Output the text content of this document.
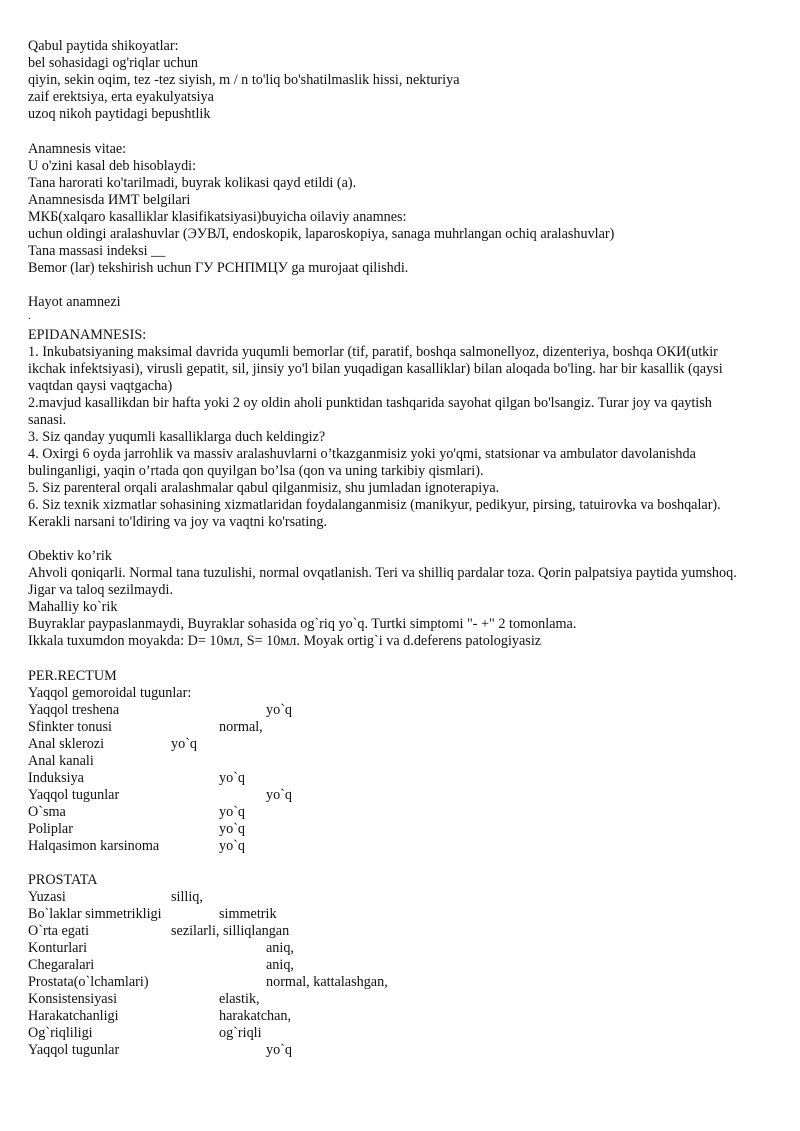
Qabul paytida shikoyatlar:
bel sohasidagi og'riqlar uchun
qiyin, sekin oqim, tez -tez siyish, m / n to'liq bo'shatilmaslik hissi, nekturiya
zaif erektsiya, erta eyakulyatsiya
uzoq nikoh paytidagi bepushtlik
Anamnesis vitae:
U o'zini kasal deb hisoblaydi:
Tana harorati ko'tarilmadi, buyrak kolikasi qayd etildi (a).
Anamnesisda ИМТ belgilari
МКБ(xalqaro kasalliklar klasifikatsiyasi)buyicha oilaviy anamnes:
uchun oldingi aralashuvlar (ЭУВЛ, endoskopik, laparoskopiya, sanaga muhrlangan ochiq aralashuvlar)
Tana massasi indeksi __
Bemor (lar) tekshirish uchun ГУ РСНПМЦУ ga murojaat qilishdi.
Hayot anamnezi
.
EPIDANAMNESIS:
1. Inkubatsiyaning maksimal davrida yuqumli bemorlar (tif, paratif, boshqa salmonellyoz, dizenteriya, boshqa ОКИ(utkir ikchak infektsiyasi), virusli gepatit, sil, jinsiy yo'l bilan yuqadigan kasalliklar) bilan aloqada bo'ling. har bir kasallik (qaysi vaqtdan qaysi vaqtgacha)
2.mavjud kasallikdan bir hafta yoki 2 oy oldin aholi punktidan tashqarida sayohat qilgan bo'lsangiz. Turar joy va qaytish sanasi.
3. Siz qanday yuqumli kasalliklarga duch keldingiz?
4. Oxirgi 6 oyda jarrohlik va massiv aralashuvlarni o’tkazganmisiz yoki yo'qmi, statsionar va ambulator davolanishda bulinganligi, yaqin o’rtada qon quyilgan bo’lsa (qon va uning tarkibiy qismlari).
5. Siz parenteral orqali aralashmalar qabul qilganmisiz, shu jumladan ignoterapiya.
6. Siz texnik xizmatlar sohasining xizmatlaridan foydalanganmisiz (manikyur, pedikyur, pirsing, tatuirovka va boshqalar). Kerakli narsani to'ldiring va joy va vaqtni ko'rsating.
Obektiv ko’rik
Ahvoli qoniqarli. Normal tana tuzulishi, normal ovqatlanish. Teri va shilliq pardalar toza. Qorin palpatsiya paytida yumshoq. Jigar va taloq sezilmaydi.
Mahalliy ko`rik
Buyraklar paypaslanmaydi, Buyraklar sohasida og`riq yo`q. Turtki simptomi "- +" 2 tomonlama.
Ikkala tuxumdon moyakda: D= 10мл, S= 10мл. Moyak ortig`i va d.deferens patologiyasiz
PER.RECTUM
Yaqqol gemoroidal tugunlar:
Yaqqol treshena	yo`q
Sfinkter tonusi	normal,
Anal sklerozi	yo`q
Anal kanali
Induksiya	yo`q
Yaqqol tugunlar	yo`q
O`sma	yo`q
Poliplar	yo`q
Halqasimon karsinoma	yo`q
PROSTATA
Yuzasi	silliq,
Bo`laklar simmetrikligi	simmetrik
O`rta egati	sezilarli, silliqlangan
Konturlari	aniq,
Chegaralari	aniq,
Prostata(o`lchamlari)	normal, kattalashgan,
Konsistensiyasi	elastik,
Harakatchanligi	harakatchan,
Og`riqliligi	og`riqli
Yaqqol tugunlar	yo`q
